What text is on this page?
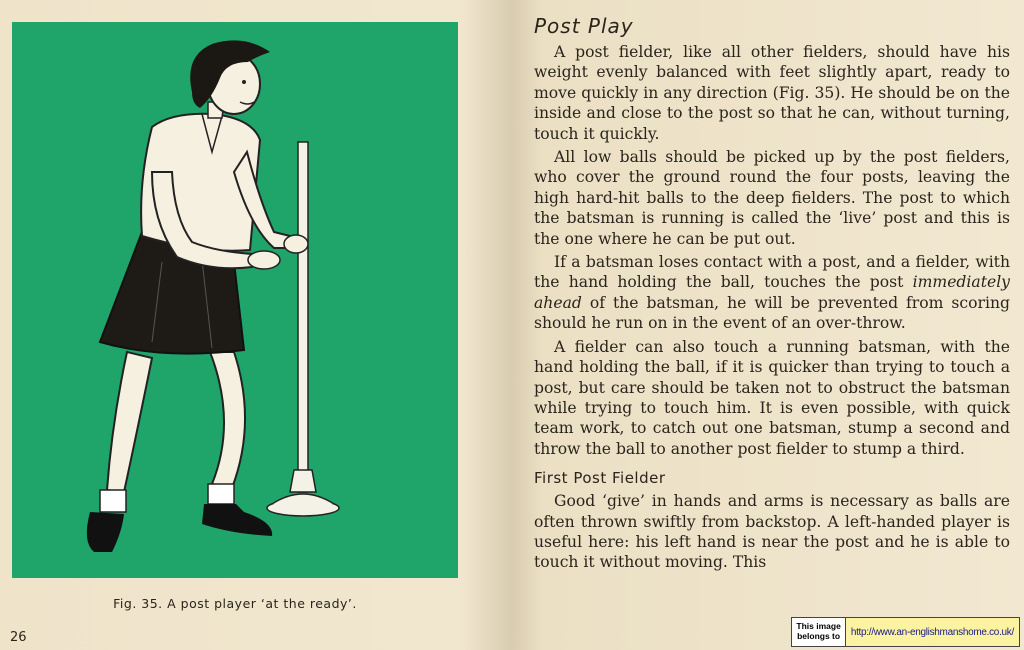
Fig. 35. A post player ‘at the ready’.
26
Post Play

A post fielder, like all other fielders, should have his weight evenly balanced with feet slightly apart, ready to move quickly in any direction (Fig. 35). He should be on the inside and close to the post so that he can, without turning, touch it quickly.

All low balls should be picked up by the post fielders, who cover the ground round the four posts, leaving the high hard-hit balls to the deep fielders. The post to which the batsman is running is called the ‘live’ post and this is the one where he can be put out.

If a batsman loses contact with a post, and a fielder, with the hand holding the ball, touches the post immediately ahead of the batsman, he will be prevented from scoring should he run on in the event of an over-throw.

A fielder can also touch a running batsman, with the hand holding the ball, if it is quicker than trying to touch a post, but care should be taken not to obstruct the batsman while trying to touch him. It is even possible, with quick team work, to catch out one batsman, stump a second and throw the ball to another post fielder to stump a third.

First Post Fielder

Good ‘give’ in hands and arms is necessary as balls are often thrown swiftly from backstop. A left-handed player is useful here: his left hand is near the post and he is able to touch it without moving. This

This image
belongs to	http://www.an-englishmanshome.co.uk/
